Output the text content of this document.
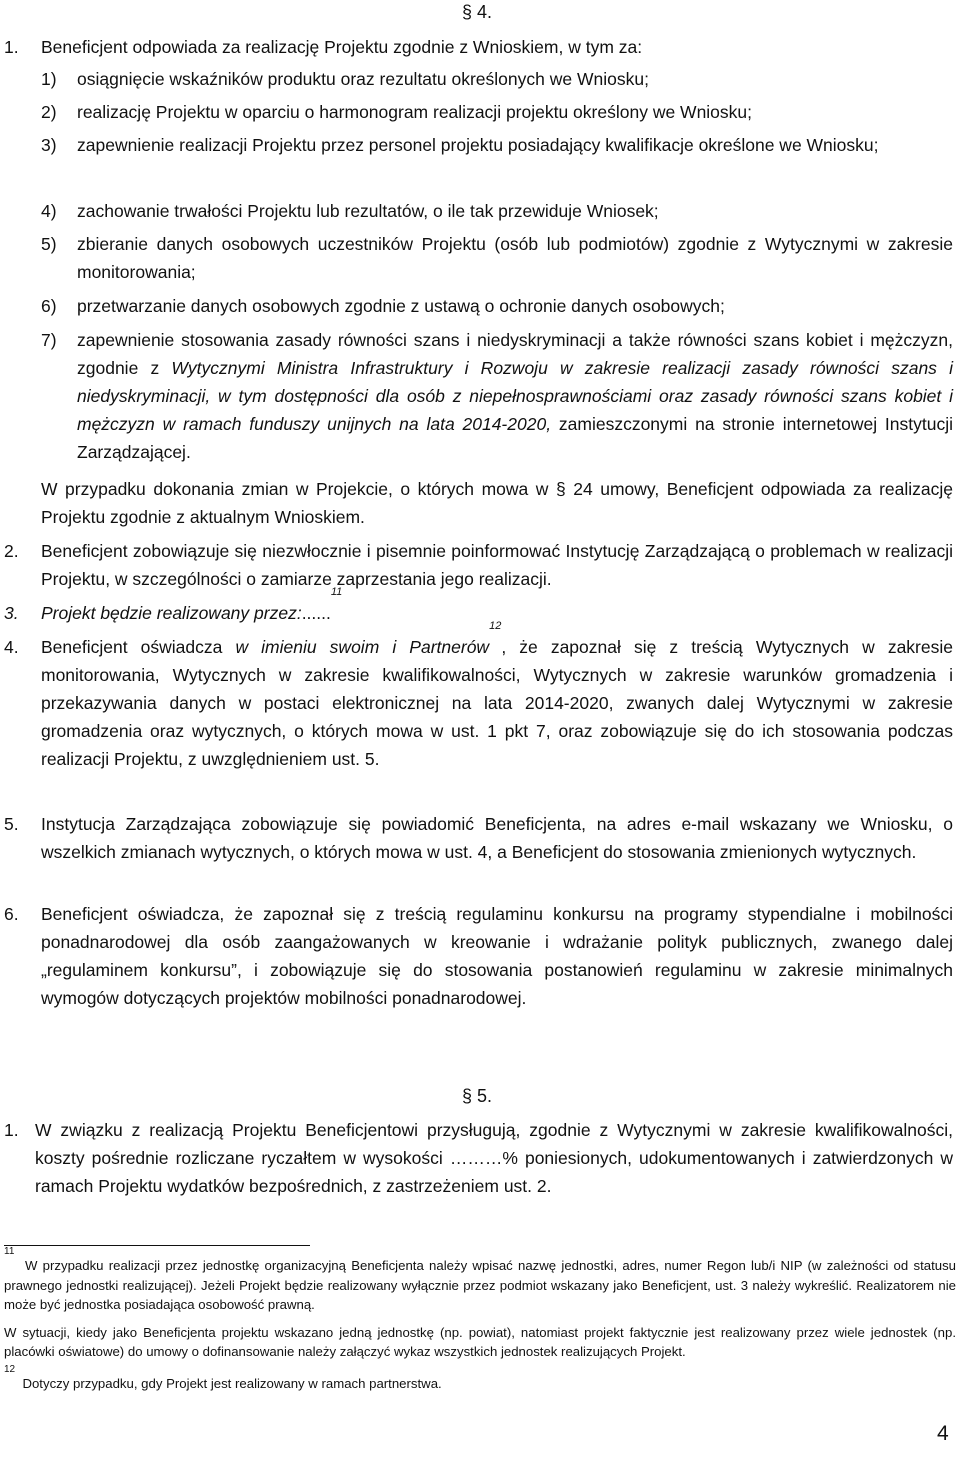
§ 4.
1. Beneficjent odpowiada za realizację Projektu zgodnie z Wnioskiem, w tym za:
1) osiągnięcie wskaźników produktu oraz rezultatu określonych we Wniosku;
2) realizację Projektu w oparciu o harmonogram realizacji projektu określony we Wniosku;
3) zapewnienie realizacji Projektu przez personel projektu posiadający kwalifikacje określone we Wniosku;
4) zachowanie trwałości Projektu lub rezultatów, o ile tak przewiduje Wniosek;
5) zbieranie danych osobowych uczestników Projektu (osób lub podmiotów) zgodnie z Wytycznymi w zakresie monitorowania;
6) przetwarzanie danych osobowych zgodnie z ustawą o ochronie danych osobowych;
7) zapewnienie stosowania zasady równości szans i niedyskryminacji a także równości szans kobiet i mężczyzn, zgodnie z Wytycznymi Ministra Infrastruktury i Rozwoju w zakresie realizacji zasady równości szans i niedyskryminacji, w tym dostępności dla osób z niepełnosprawnościami oraz zasady równości szans kobiet i mężczyzn w ramach funduszy unijnych na lata 2014-2020, zamieszczonymi na stronie internetowej Instytucji Zarządzającej.
W przypadku dokonania zmian w Projekcie, o których mowa w § 24 umowy, Beneficjent odpowiada za realizację Projektu zgodnie z aktualnym Wnioskiem.
2. Beneficjent zobowiązuje się niezwłocznie i pisemnie poinformować Instytucję Zarządzającą o problemach w realizacji Projektu, w szczególności o zamiarze zaprzestania jego realizacji.
3. Projekt będzie realizowany przez:......$^{11}$
4. Beneficjent oświadcza w imieniu swoim i Partnerów$^{12}$, że zapoznał się z treścią Wytycznych w zakresie monitorowania, Wytycznych w zakresie kwalifikowalności, Wytycznych w zakresie warunków gromadzenia i przekazywania danych w postaci elektronicznej na lata 2014-2020, zwanych dalej Wytycznymi w zakresie gromadzenia oraz wytycznych, o których mowa w ust. 1 pkt 7, oraz zobowiązuje się do ich stosowania podczas realizacji Projektu, z uwzględnieniem ust. 5.
5. Instytucja Zarządzająca zobowiązuje się powiadomić Beneficjenta, na adres e-mail wskazany we Wniosku, o wszelkich zmianach wytycznych, o których mowa w ust. 4, a Beneficjent do stosowania zmienionych wytycznych.
6. Beneficjent oświadcza, że zapoznał się z treścią regulaminu konkursu na programy stypendialne i mobilności ponadnarodowej dla osób zaangażowanych w kreowanie i wdrażanie polityk publicznych, zwanego dalej „regulaminem konkursu”, i zobowiązuje się do stosowania postanowień regulaminu w zakresie minimalnych wymogów dotyczących projektów mobilności ponadnarodowej.
§ 5.
1. W związku z realizacją Projektu Beneficjentowi przysługują, zgodnie z Wytycznymi w zakresie kwalifikowalności, koszty pośrednie rozliczane ryczałtem w wysokości ………% poniesionych, udokumentowanych i zatwierdzonych w ramach Projektu wydatków bezpośrednich, z zastrzeżeniem ust. 2.
$^{11}$  W przypadku realizacji przez jednostkę organizacyjną Beneficjenta należy wpisać nazwę jednostki, adres, numer Regon lub/i NIP (w zależności od statusu prawnego jednostki realizującej). Jeżeli Projekt będzie realizowany wyłącznie przez podmiot wskazany jako Beneficjent, ust. 3 należy wykreślić. Realizatorem nie może być jednostka posiadająca osobowość prawną.
W sytuacji, kiedy jako Beneficjenta projektu wskazano jedną jednostkę (np. powiat), natomiast projekt faktycznie jest realizowany przez wiele jednostek (np. placówki oświatowe) do umowy o dofinansowanie należy załączyć wykaz wszystkich jednostek realizujących Projekt.
$^{12}$  Dotyczy przypadku, gdy Projekt jest realizowany w ramach partnerstwa.
4
